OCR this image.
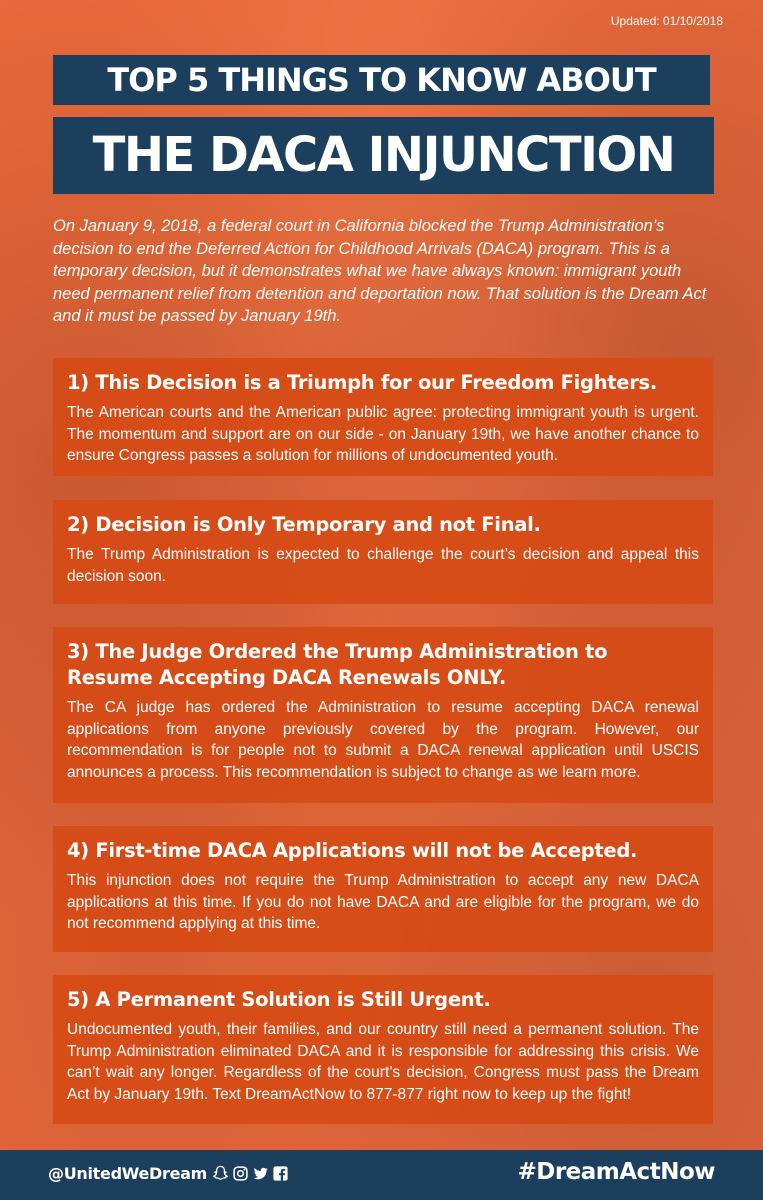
Updated: 01/10/2018
TOP 5 THINGS TO KNOW ABOUT
THE DACA INJUNCTION
On January 9, 2018, a federal court in California blocked the Trump Administration’s decision to end the Deferred Action for Childhood Arrivals (DACA) program. This is a temporary decision, but it demonstrates what we have always known: immigrant youth need permanent relief from detention and deportation now. That solution is the Dream Act and it must be passed by January 19th.
1) This Decision is a Triumph for our Freedom Fighters.

The American courts and the American public agree: protecting immigrant youth is urgent. The momentum and support are on our side - on January 19th, we have another chance to ensure Congress passes a solution for millions of undocumented youth.

2) Decision is Only Temporary and not Final.

The Trump Administration is expected to challenge the court’s decision and appeal this decision soon.

3) The Judge Ordered the Trump Administration to Resume Accepting DACA Renewals ONLY.

The CA judge has ordered the Administration to resume accepting DACA renewal applications from anyone previously covered by the program. However, our recommendation is for people not to submit a DACA renewal application until USCIS announces a process. This recommendation is subject to change as we learn more.

4) First-time DACA Applications will not be Accepted.

This injunction does not require the Trump Administration to accept any new DACA applications at this time. If you do not have DACA and are eligible for the program, we do not recommend applying at this time.

5) A Permanent Solution is Still Urgent.

Undocumented youth, their families, and our country still need a permanent solution. The Trump Administration eliminated DACA and it is responsible for addressing this crisis. We can’t wait any longer. Regardless of the court’s decision, Congress must pass the Dream Act by January 19th. Text DreamActNow to 877-877 right now to keep up the fight!

@UnitedWeDream	#DreamActNow
